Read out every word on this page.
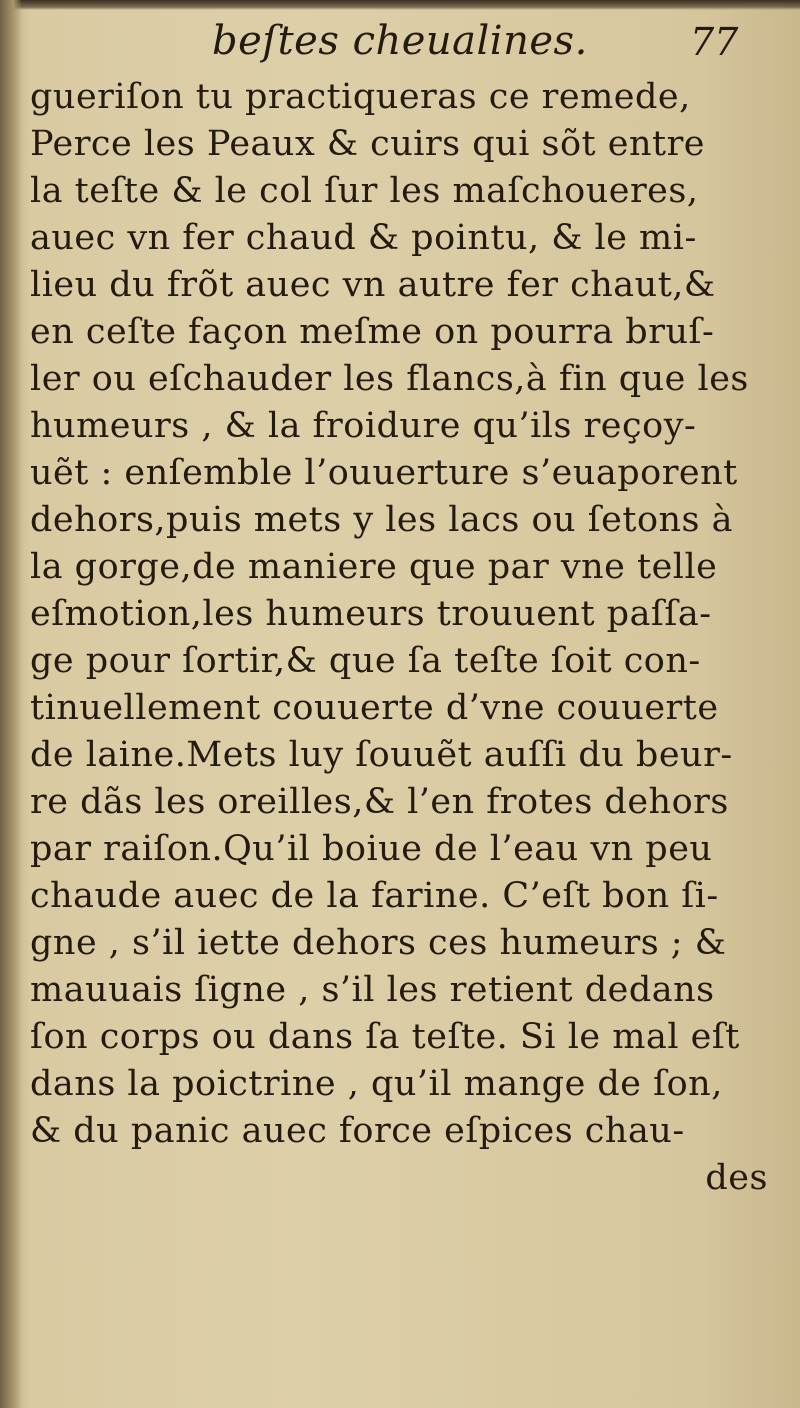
beſtes cheualines.	77
gueriſon tu practiqueras ce remede,
Perce les Peaux & cuirs qui sõt entre
la teſte & le col ſur les maſchoueres,
auec vn fer chaud & pointu, & le mi-
lieu du frõt auec vn autre fer chaut,&
en ceſte façon meſme on pourra bruſ-
ler ou eſchauder les flancs,à fin que les
humeurs , & la froidure qu’ils reçoy-
uẽt : enſemble l’ouuerture s’euaporent
dehors,puis mets y les lacs ou ſetons à
la gorge,de maniere que par vne telle
eſmotion,les humeurs trouuent paſſa-
ge pour ſortir,& que ſa teſte ſoit con-
tinuellement couuerte d’vne couuerte
de laine.Mets luy ſouuẽt auſſi du beur-
re dãs les oreilles,& l’en frotes dehors
par raiſon.Qu’il boiue de l’eau vn peu
chaude auec de la farine. C’eſt bon ſi-
gne , s’il iette dehors ces humeurs ; &
mauuais ſigne , s’il les retient dedans
ſon corps ou dans ſa teſte. Si le mal eſt
dans la poictrine , qu’il mange de ſon,
& du panic auec force eſpices chau-
des
